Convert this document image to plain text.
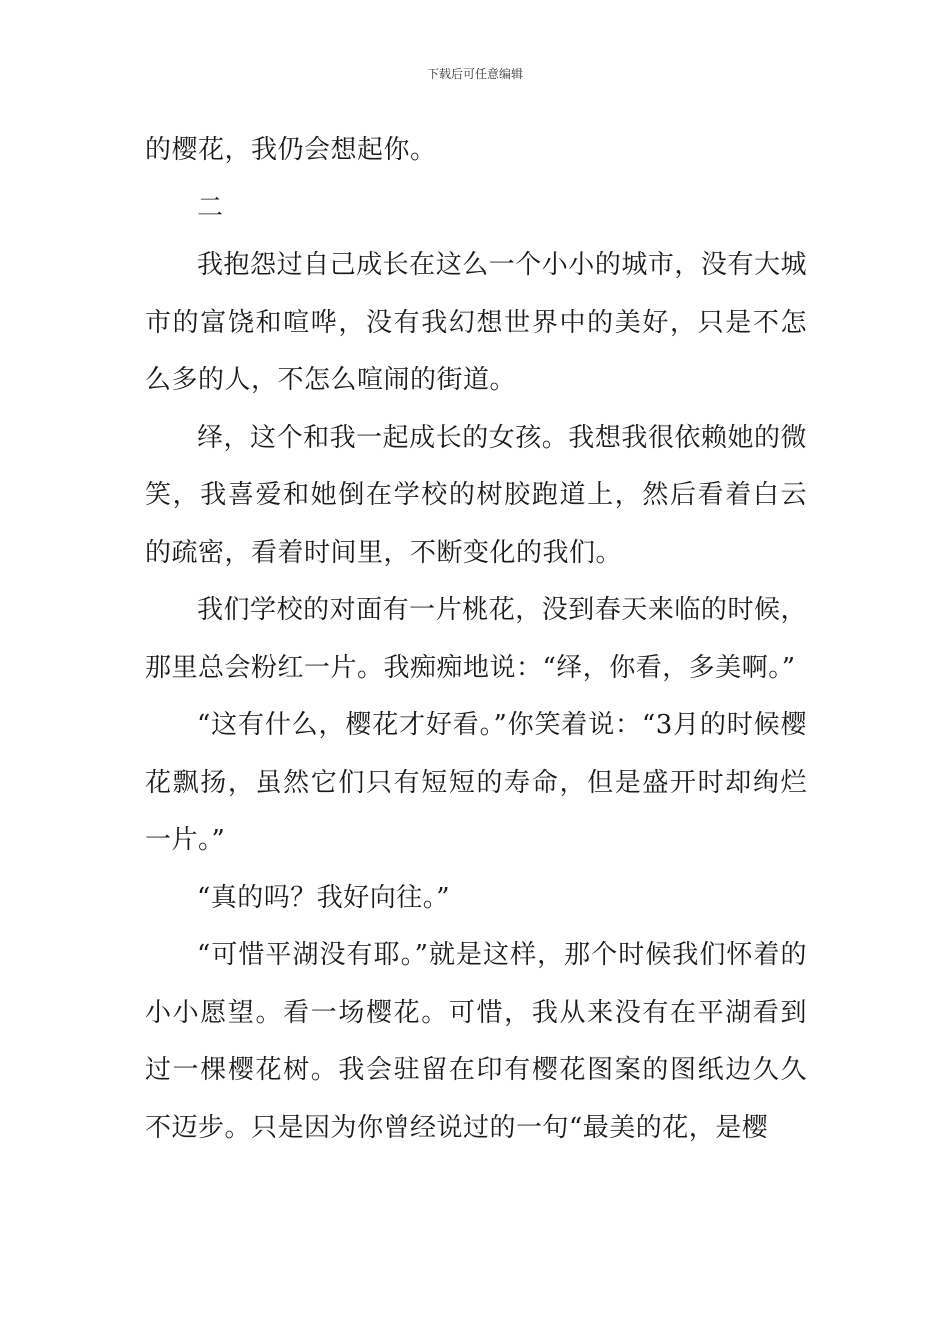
下载后可任意编辑

的樱花，我仍会想起你。

二

我抱怨过自己成长在这么一个小小的城市，没有大城市的富饶和喧哗，没有我幻想世界中的美好，只是不怎么多的人，不怎么喧闹的街道。

绎，这个和我一起成长的女孩。我想我很依赖她的微笑，我喜爱和她倒在学校的树胶跑道上，然后看着白云的疏密，看着时间里，不断变化的我们。

我们学校的对面有一片桃花，没到春天来临的时候，那里总会粉红一片。我痴痴地说：“绎，你看，多美啊。”

“这有什么，樱花才好看。”你笑着说：“3月的时候樱花飘扬，虽然它们只有短短的寿命，但是盛开时却绚烂一片。”

“真的吗？我好向往。”

“可惜平湖没有耶。”就是这样，那个时候我们怀着的小小愿望。看一场樱花。可惜，我从来没有在平湖看到过一棵樱花树。我会驻留在印有樱花图案的图纸边久久不迈步。只是因为你曾经说过的一句“最美的花，是樱
